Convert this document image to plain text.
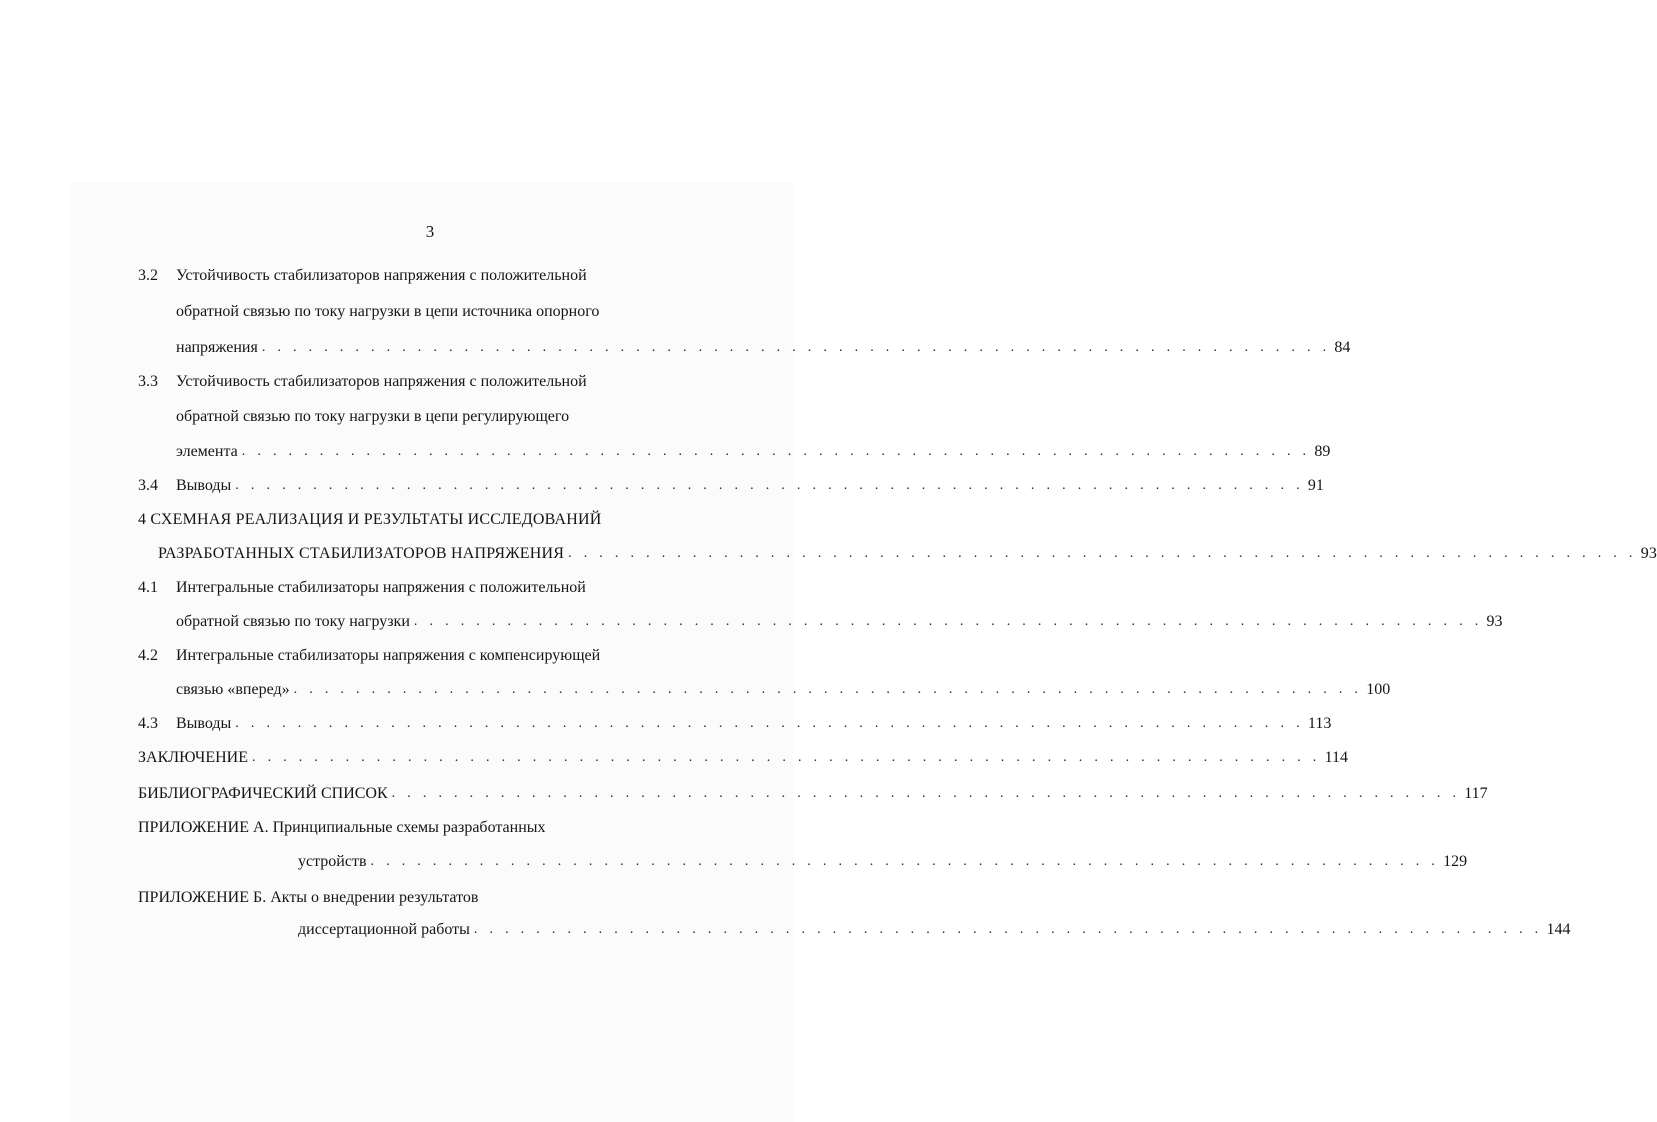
3
3.2 Устойчивость стабилизаторов напряжения с положительной
обратной связью по току нагрузки в цепи источника опорного
напряжения . . . . . . . . . . . . . . . . . . . . . . . . . . . . . . . . . . . . . . . . . . . . . . . . . . . . . . . . . . . . . . . . . . . . . 84
3.3 Устойчивость стабилизаторов напряжения с положительной
обратной связью по току нагрузки в цепи регулирующего
элемента . . . . . . . . . . . . . . . . . . . . . . . . . . . . . . . . . . . . . . . . . . . . . . . . . . . . . . . . . . . . . . . . . . . . . 89
3.4 Выводы . . . . . . . . . . . . . . . . . . . . . . . . . . . . . . . . . . . . . . . . . . . . . . . . . . . . . . . . . . . . . . . . . . . . . 91
4 СХЕМНАЯ РЕАЛИЗАЦИЯ И РЕЗУЛЬТАТЫ ИССЛЕДОВАНИЙ
РАЗРАБОТАННЫХ СТАБИЛИЗАТОРОВ НАПРЯЖЕНИЯ . . . . . . . . . . . . . . . . . . . . . . . . . . . . . . . . . . . . . . . . . . . . . . . . . . . . . . . . . . . . . . . . . . . . . 93
4.1 Интегральные стабилизаторы напряжения с положительной
обратной связью по току нагрузки . . . . . . . . . . . . . . . . . . . . . . . . . . . . . . . . . . . . . . . . . . . . . . . . . . . . . . . . . . . . . . . . . . . . . 93
4.2 Интегральные стабилизаторы напряжения с компенсирующей
связью «вперед» . . . . . . . . . . . . . . . . . . . . . . . . . . . . . . . . . . . . . . . . . . . . . . . . . . . . . . . . . . . . . . . . . . . . . 100
4.3 Выводы . . . . . . . . . . . . . . . . . . . . . . . . . . . . . . . . . . . . . . . . . . . . . . . . . . . . . . . . . . . . . . . . . . . . . 113
ЗАКЛЮЧЕНИЕ . . . . . . . . . . . . . . . . . . . . . . . . . . . . . . . . . . . . . . . . . . . . . . . . . . . . . . . . . . . . . . . . . . . . . 114
БИБЛИОГРАФИЧЕСКИЙ СПИСОК . . . . . . . . . . . . . . . . . . . . . . . . . . . . . . . . . . . . . . . . . . . . . . . . . . . . . . . . . . . . . . . . . . . . . 117
ПРИЛОЖЕНИЕ А. Принципиальные схемы разработанных
устройств . . . . . . . . . . . . . . . . . . . . . . . . . . . . . . . . . . . . . . . . . . . . . . . . . . . . . . . . . . . . . . . . . . . . . 129
ПРИЛОЖЕНИЕ Б. Акты о внедрении результатов
диссертационной работы . . . . . . . . . . . . . . . . . . . . . . . . . . . . . . . . . . . . . . . . . . . . . . . . . . . . . . . . . . . . . . . . . . . . . 144
